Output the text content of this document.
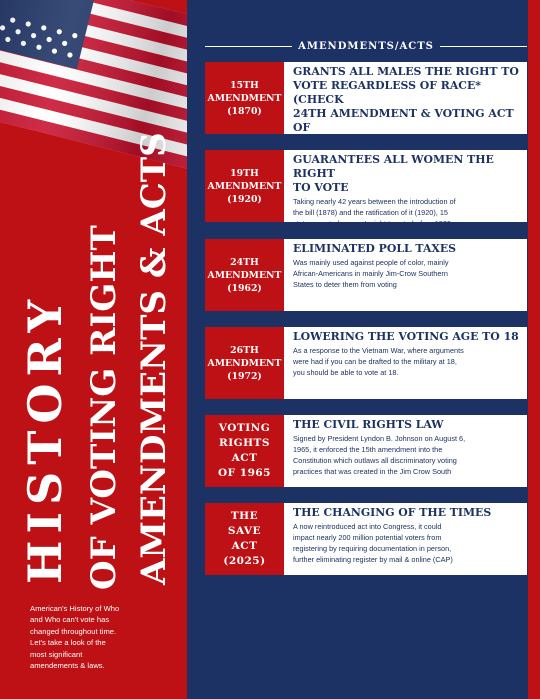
HISTORY OF VOTING RIGHT AMENDMENTS & ACTS
American's History of Who
and Who can't vote has
changed throughout time.
Let's take a look of the
most significant
amendements & laws.
AMENDMENTS/ACTS
15TH
AMENDMENT
(1870)
GRANTS ALL MALES THE RIGHT TO
VOTE REGARDLESS OF RACE* (CHECK
24TH AMENDMENT & VOTING ACT OF
1965)
19TH
AMENDMENT
(1920)
GUARANTEES ALL WOMEN THE RIGHT
TO VOTE
Taking nearly 42 years between the introduction of
the bill (1878) and the ratification of it (1920), 15
states granted women's right to vote before 1920.
24TH
AMENDMENT
(1962)
ELIMINATED POLL TAXES
Was mainly used against people of color, mainly
African-Americans in mainly Jim-Crow Southern
States to deter them from voting
26TH
AMENDMENT
(1972)
LOWERING THE VOTING AGE TO 18
As a response to the Vietnam War, where arguments
were had if you can be drafted to the military at 18,
you should be able to vote at 18.
VOTING
RIGHTS
ACT
OF 1965
THE CIVIL RIGHTS LAW
Signed by President Lyndon B. Johnson on August 6,
1965, it enforced the 15th amendment into the
Constitution which outlaws all discriminatory voting
practices that was created in the Jim Crow South
THE
SAVE
ACT
(2025)
THE CHANGING OF THE TIMES
A now reintroduced act into Congress, it could
impact nearly 200 million potential voters from
registering by requiring documentation in person,
further eliminating register by mail & online (CAP)
